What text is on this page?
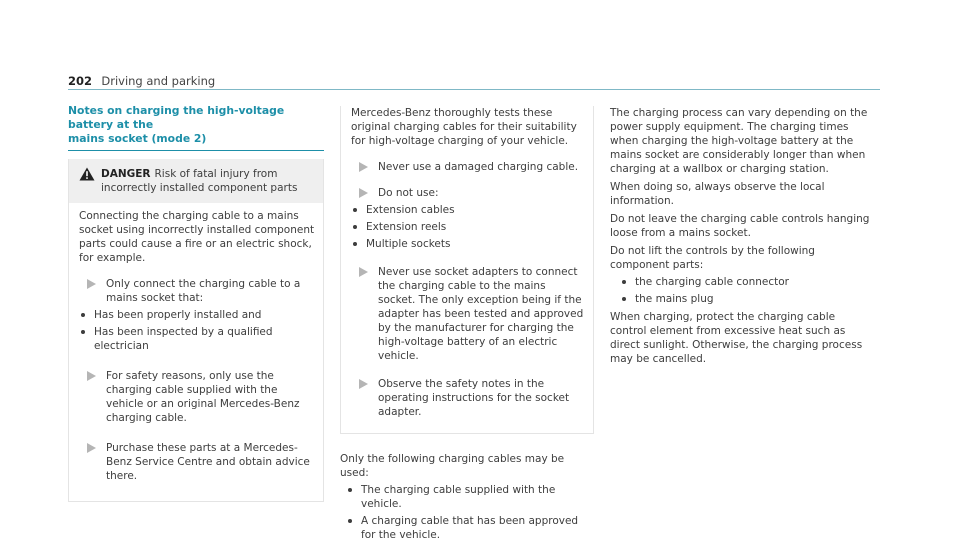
202 Driving and parking
Notes on charging the high-voltage battery at the
mains socket (mode 2)
DANGER Risk of fatal injury from incorrectly installed component parts
Connecting the charging cable to a mains socket using incorrectly installed component parts could cause a fire or an electric shock, for example.
Only connect the charging cable to a mains socket that:
Has been properly installed and
Has been inspected by a qualified electrician
For safety reasons, only use the charging cable supplied with the vehicle or an original Mercedes-Benz charging cable.
Purchase these parts at a Mercedes-Benz Service Centre and obtain advice there.
Mercedes-Benz thoroughly tests these original charging cables for their suitability for high-voltage charging of your vehicle.
Never use a damaged charging cable.
Do not use:
Extension cables
Extension reels
Multiple sockets
Never use socket adapters to connect the charging cable to the mains socket. The only exception being if the adapter has been tested and approved by the manufacturer for charging the high-voltage battery of an electric vehicle.
Observe the safety notes in the operating instructions for the socket adapter.
Only the following charging cables may be used:
The charging cable supplied with the vehicle.
A charging cable that has been approved for the vehicle.
The charging process can vary depending on the power supply equipment. The charging times when charging the high-voltage battery at the mains socket are considerably longer than when charging at a wallbox or charging station.
When doing so, always observe the local information.
Do not leave the charging cable controls hanging loose from a mains socket.
Do not lift the controls by the following component parts:
the charging cable connector
the mains plug
When charging, protect the charging cable control element from excessive heat such as direct sunlight. Otherwise, the charging process may be cancelled.
